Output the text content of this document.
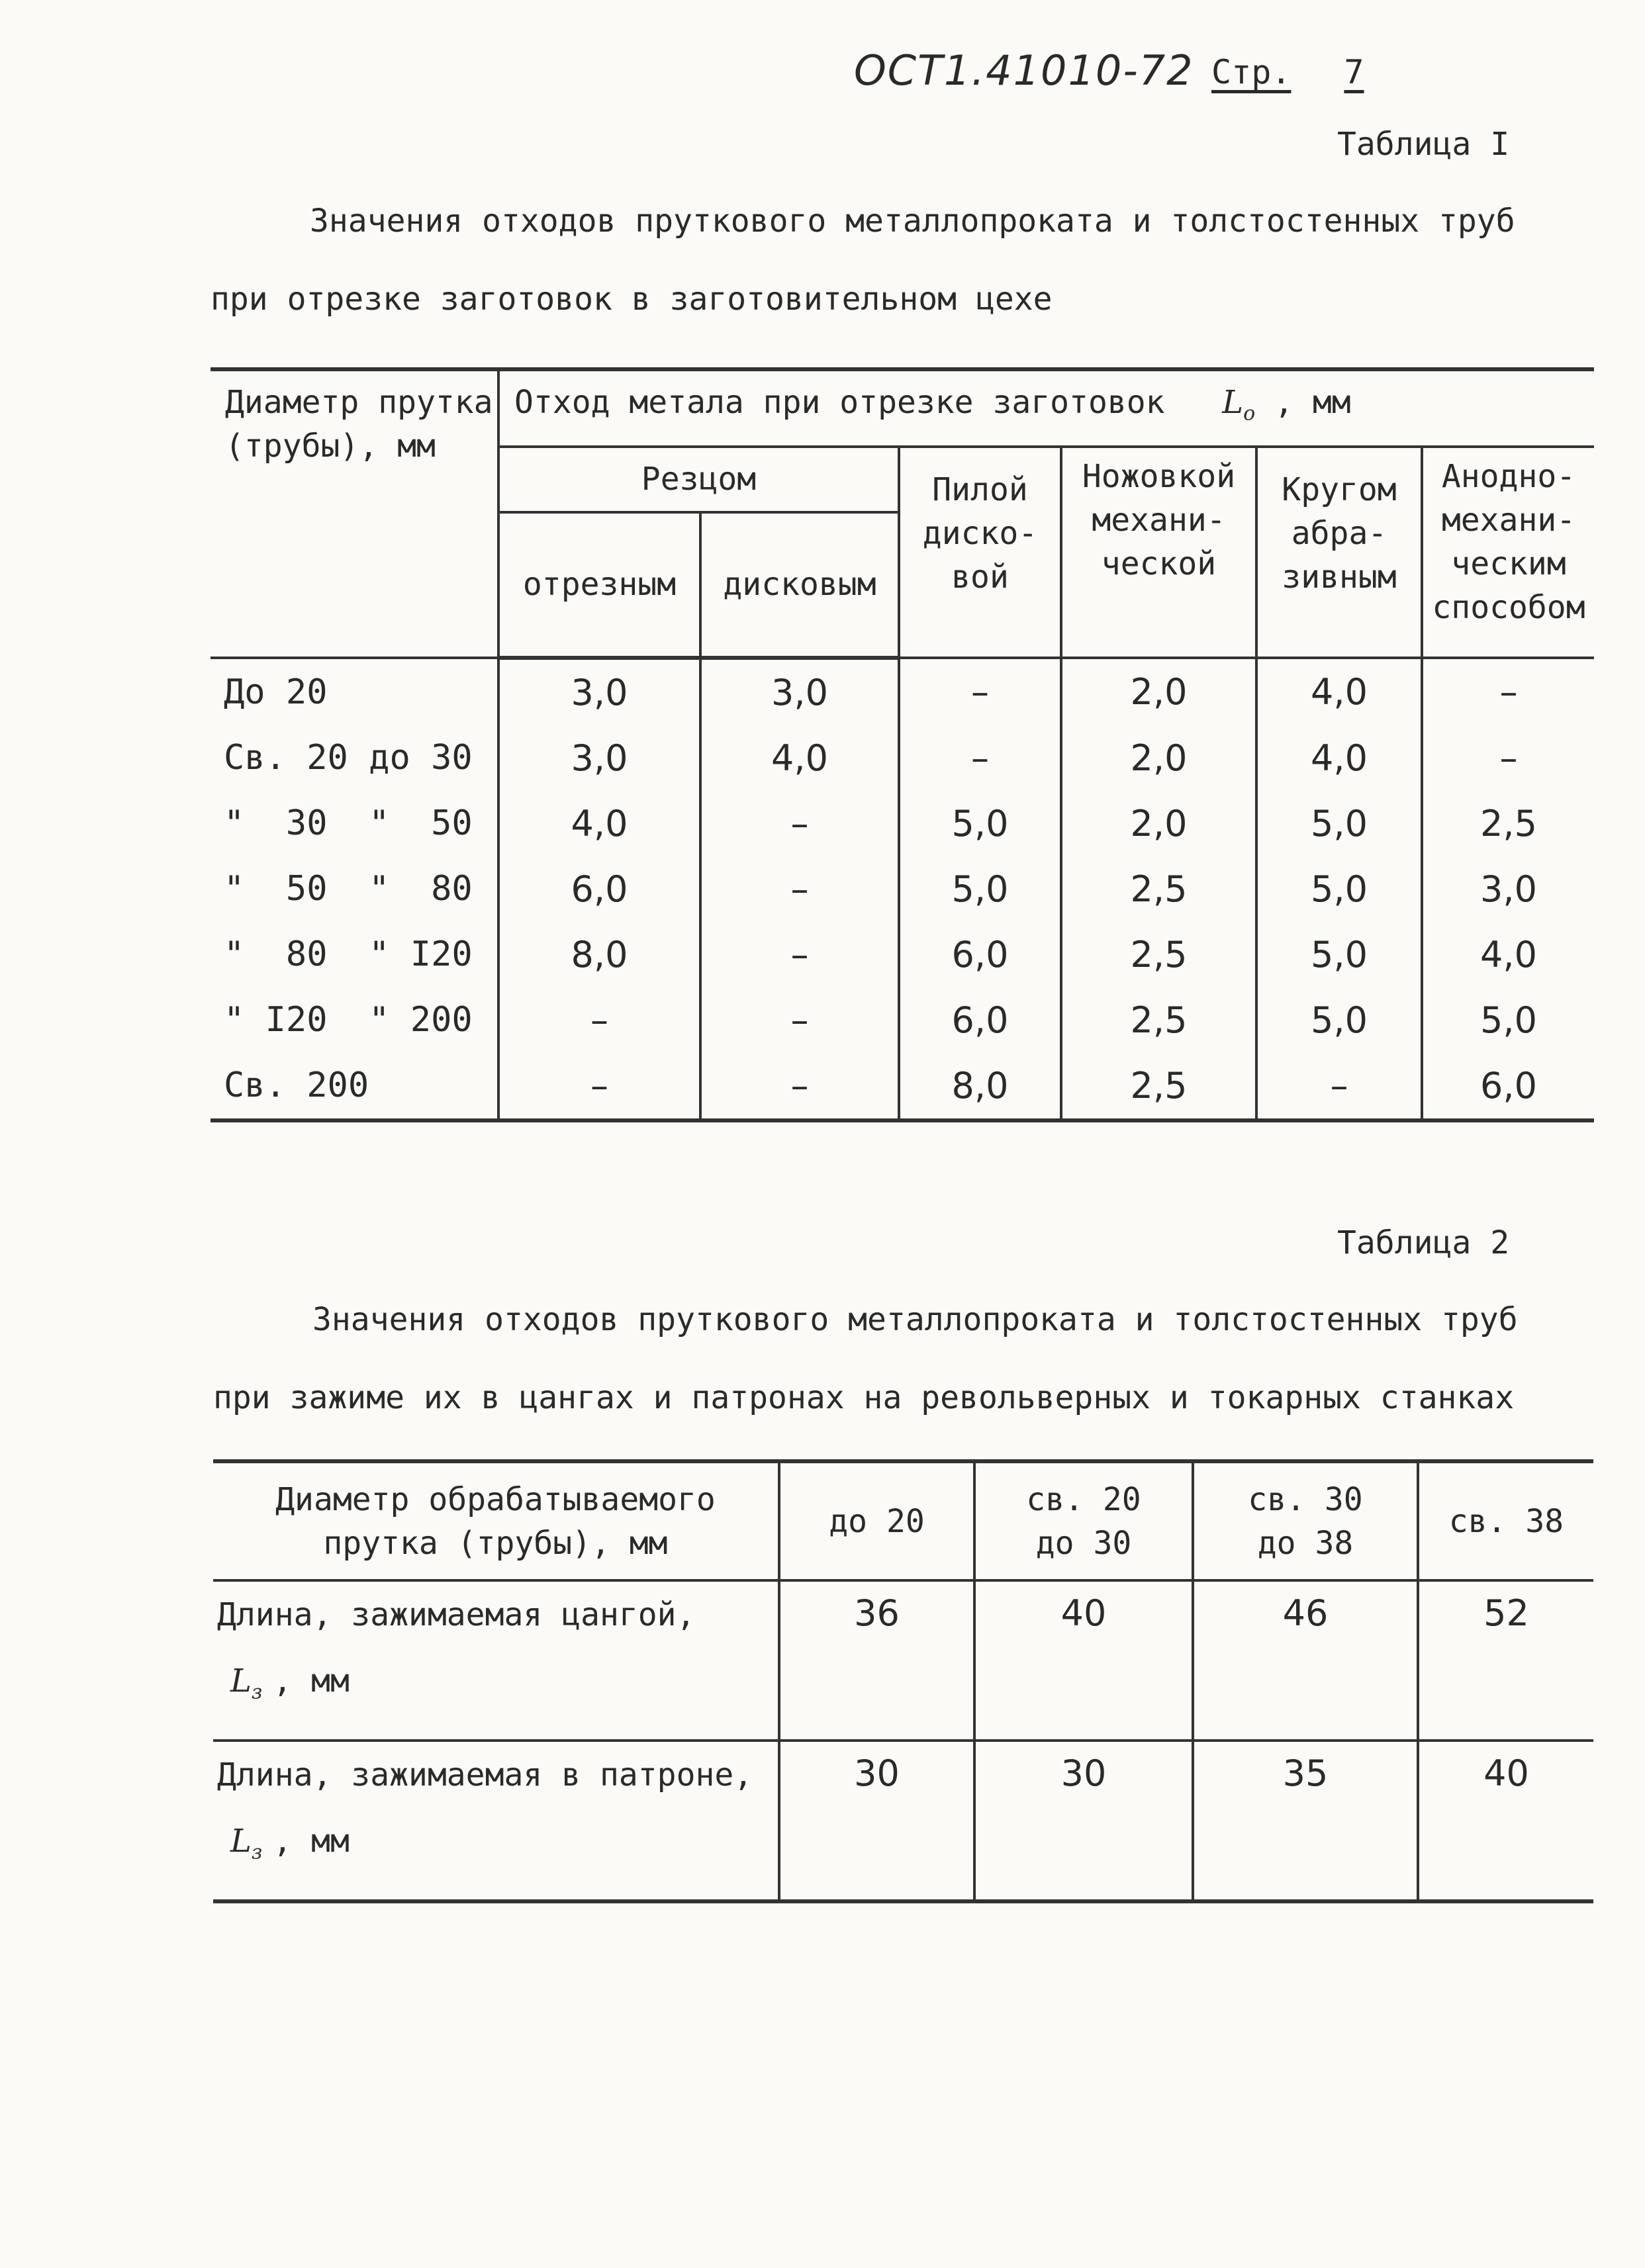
ОСТ1.41010-72 Стр. 7
Таблица I
Значения отходов пруткового металлопроката и толстостенных труб
при отрезке заготовок в заготовительном цехе
Диаметр прутка (трубы), мм	Отход метала при отрезке заготовок $L_o$ , мм					
	Резцом		Пилой диско-вой	Ножовкой механи-ческой	Кругом абра-зивным	Анодно-механи-ческим способом
	отрезным	дисковым				
До 20	3,0	3,0	–	2,0	4,0	–
Св. 20 до 30	3,0	4,0	–	2,0	4,0	–
"  30  "  50	4,0	–	5,0	2,0	5,0	2,5
"  50  "  80	6,0	–	5,0	2,5	5,0	3,0
"  80  " I20	8,0	–	6,0	2,5	5,0	4,0
" I20  " 200	–	–	6,0	2,5	5,0	5,0
Св. 200	–	–	8,0	2,5	–	6,0
Таблица 2
Значения отходов пруткового металлопроката и толстостенных труб
при зажиме их в цангах и патронах на револьверных и токарных станках
Диаметр обрабатываемого прутка (трубы), мм	до 20	св. 20 до 30	св. 30 до 38	св. 38

Длина, зажимаемая цангой,
$L_з$ , мм	36	40	46	52

Длина, зажимаемая в патроне,
$L_з$ , мм	30	30	35	40
